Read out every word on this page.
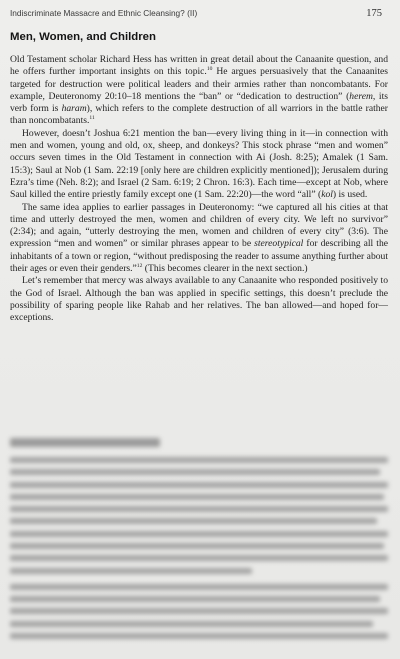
Indiscriminate Massacre and Ethnic Cleansing? (II)	175
Men, Women, and Children

Old Testament scholar Richard Hess has written in great detail about the Canaanite question, and he offers further important insights on this topic.$^{10}$ He argues persuasively that the Canaanites targeted for destruction were political leaders and their armies rather than noncombatants. For example, Deuteronomy 20:10–18 mentions the “ban” or “dedication to destruction” (herem, its verb form is haram), which refers to the complete destruction of all warriors in the battle rather than noncombatants.$^{11}$

However, doesn’t Joshua 6:21 mention the ban—every living thing in it—in connection with men and women, young and old, ox, sheep, and donkeys? This stock phrase “men and women” occurs seven times in the Old Testament in connection with Ai (Josh. 8:25); Amalek (1 Sam. 15:3); Saul at Nob (1 Sam. 22:19 [only here are children explicitly mentioned]); Jerusalem during Ezra’s time (Neh. 8:2); and Israel (2 Sam. 6:19; 2 Chron. 16:3). Each time—except at Nob, where Saul killed the entire priestly family except one (1 Sam. 22:20)—the word “all” (kol) is used.

The same idea applies to earlier passages in Deuteronomy: “we captured all his cities at that time and utterly destroyed the men, women and children of every city. We left no survivor” (2:34); and again, “utterly destroying the men, women and children of every city” (3:6). The expression “men and women” or similar phrases appear to be stereotypical for describing all the inhabitants of a town or region, “without predisposing the reader to assume anything further about their ages or even their genders.”$^{12}$ (This becomes clearer in the next section.)

Let’s remember that mercy was always available to any Canaanite who responded positively to the God of Israel. Although the ban was applied in specific settings, this doesn’t preclude the possibility of sparing people like Rahab and her relatives. The ban allowed—and hoped for—exceptions.
